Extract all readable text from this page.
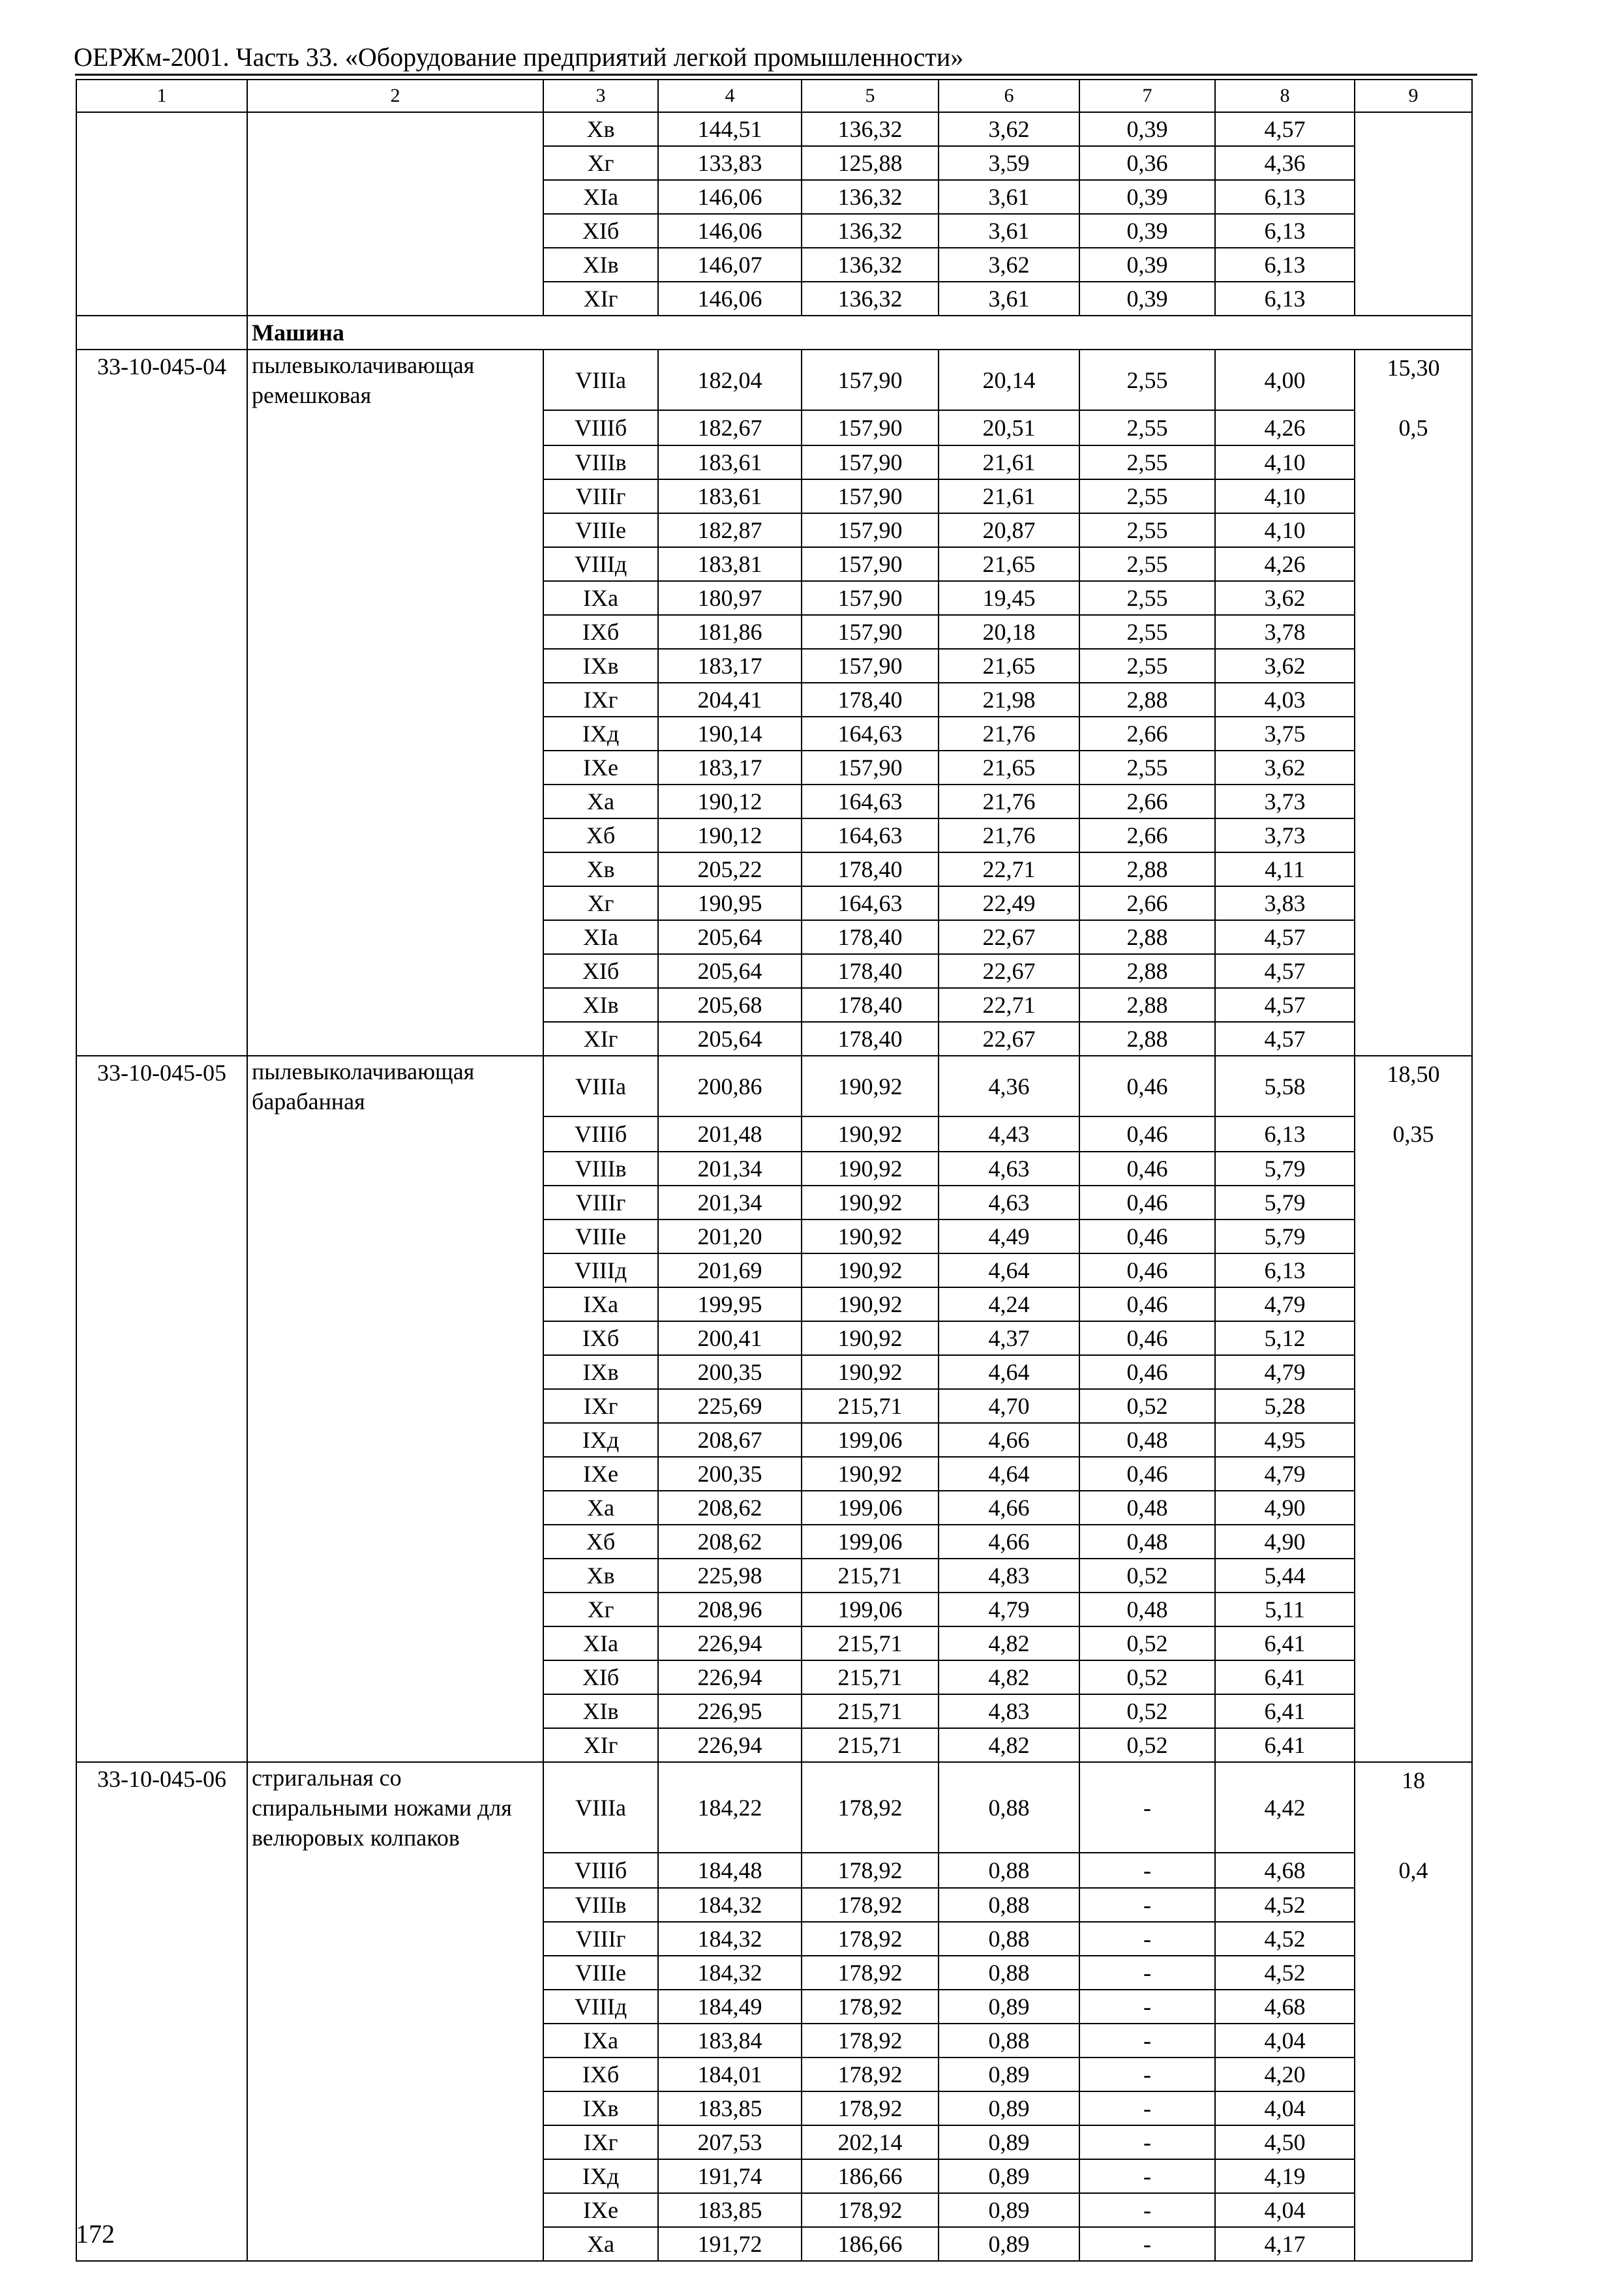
ОЕРЖм-2001. Часть 33. «Оборудование предприятий легкой промышленности»
1	2	3	4	5	6	7	8	9
		Хв	144,51	136,32	3,62	0,39	4,57	
		Хг	133,83	125,88	3,59	0,36	4,36	
		ХIа	146,06	136,32	3,61	0,39	6,13	
		ХIб	146,06	136,32	3,61	0,39	6,13	
		ХIв	146,07	136,32	3,62	0,39	6,13	
		ХIг	146,06	136,32	3,61	0,39	6,13	
	Машина							
33-10-045-04	пылевыколачивающая ремешковая	VIIIа	182,04	157,90	20,14	2,55	4,00	15,30
		VIIIб	182,67	157,90	20,51	2,55	4,26	0,5
		VIIIв	183,61	157,90	21,61	2,55	4,10	
		VIIIг	183,61	157,90	21,61	2,55	4,10	
		VIIIе	182,87	157,90	20,87	2,55	4,10	
		VIIIд	183,81	157,90	21,65	2,55	4,26	
		IХа	180,97	157,90	19,45	2,55	3,62	
		IХб	181,86	157,90	20,18	2,55	3,78	
		IХв	183,17	157,90	21,65	2,55	3,62	
		IХг	204,41	178,40	21,98	2,88	4,03	
		IХд	190,14	164,63	21,76	2,66	3,75	
		IХе	183,17	157,90	21,65	2,55	3,62	
		Ха	190,12	164,63	21,76	2,66	3,73	
		Хб	190,12	164,63	21,76	2,66	3,73	
		Хв	205,22	178,40	22,71	2,88	4,11	
		Хг	190,95	164,63	22,49	2,66	3,83	
		ХIа	205,64	178,40	22,67	2,88	4,57	
		ХIб	205,64	178,40	22,67	2,88	4,57	
		ХIв	205,68	178,40	22,71	2,88	4,57	
		ХIг	205,64	178,40	22,67	2,88	4,57	
33-10-045-05	пылевыколачивающая барабанная	VIIIа	200,86	190,92	4,36	0,46	5,58	18,50
		VIIIб	201,48	190,92	4,43	0,46	6,13	0,35
		VIIIв	201,34	190,92	4,63	0,46	5,79	
		VIIIг	201,34	190,92	4,63	0,46	5,79	
		VIIIе	201,20	190,92	4,49	0,46	5,79	
		VIIIд	201,69	190,92	4,64	0,46	6,13	
		IХа	199,95	190,92	4,24	0,46	4,79	
		IХб	200,41	190,92	4,37	0,46	5,12	
		IХв	200,35	190,92	4,64	0,46	4,79	
		IХг	225,69	215,71	4,70	0,52	5,28	
		IХд	208,67	199,06	4,66	0,48	4,95	
		IХе	200,35	190,92	4,64	0,46	4,79	
		Ха	208,62	199,06	4,66	0,48	4,90	
		Хб	208,62	199,06	4,66	0,48	4,90	
		Хв	225,98	215,71	4,83	0,52	5,44	
		Хг	208,96	199,06	4,79	0,48	5,11	
		ХIа	226,94	215,71	4,82	0,52	6,41	
		ХIб	226,94	215,71	4,82	0,52	6,41	
		ХIв	226,95	215,71	4,83	0,52	6,41	
		ХIг	226,94	215,71	4,82	0,52	6,41	
33-10-045-06	стригальная со спиральными ножами для велюровых колпаков	VIIIа	184,22	178,92	0,88	-	4,42	18
		VIIIб	184,48	178,92	0,88	-	4,68	0,4
		VIIIв	184,32	178,92	0,88	-	4,52	
		VIIIг	184,32	178,92	0,88	-	4,52	
		VIIIе	184,32	178,92	0,88	-	4,52	
		VIIIд	184,49	178,92	0,89	-	4,68	
		IХа	183,84	178,92	0,88	-	4,04	
		IХб	184,01	178,92	0,89	-	4,20	
		IХв	183,85	178,92	0,89	-	4,04	
		IХг	207,53	202,14	0,89	-	4,50	
		IХд	191,74	186,66	0,89	-	4,19	
		IХе	183,85	178,92	0,89	-	4,04	
		Ха	191,72	186,66	0,89	-	4,17	
172
